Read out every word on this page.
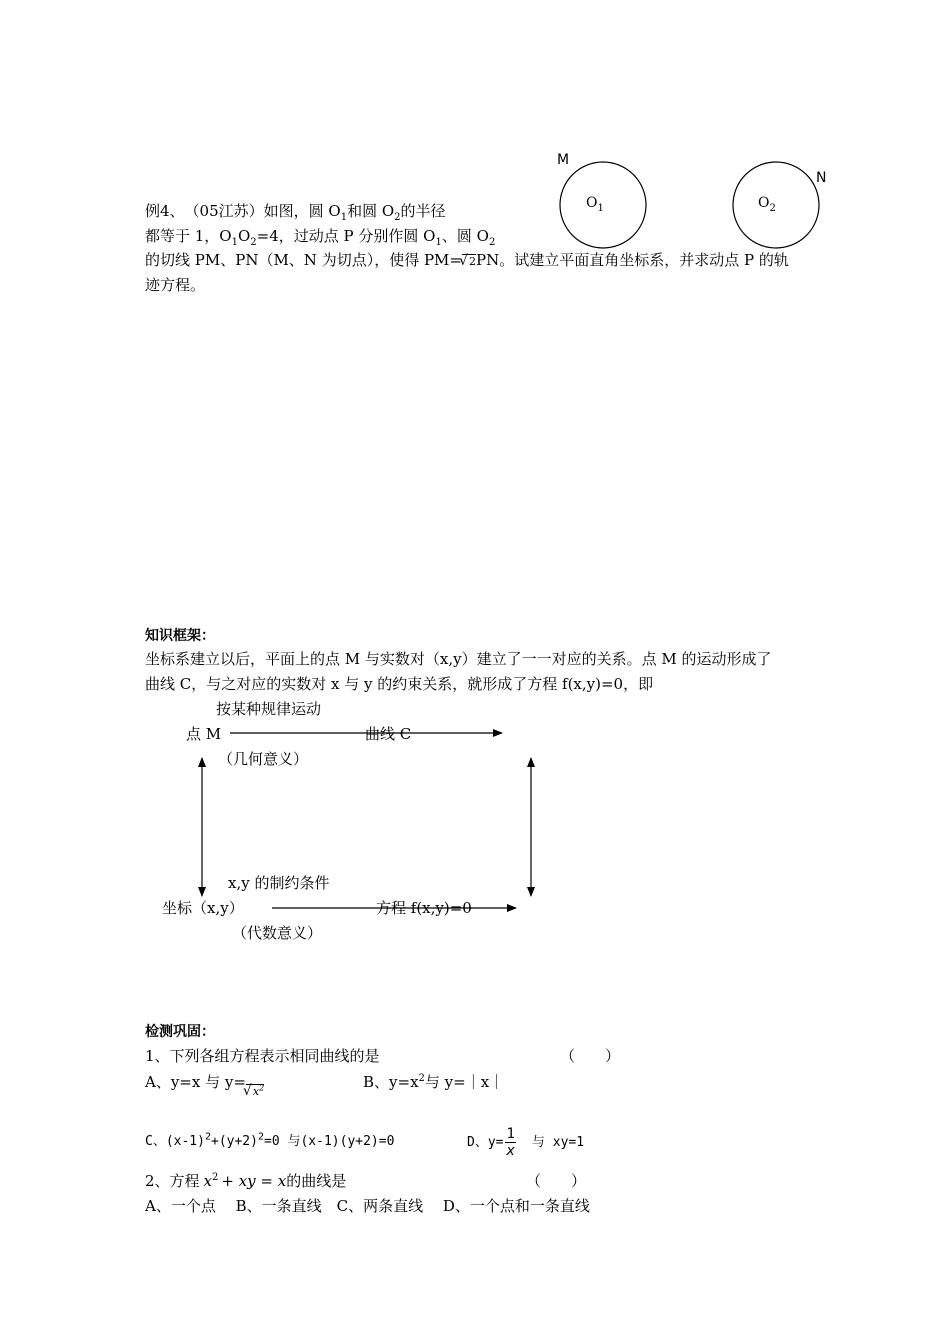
M
N
$O_1$	$O_2$
例4、　（05江苏）如图，圆 $O_1$和圆 $O_2$的半径
都等于 1，$O_1O_2=4$，过动点 P 分别作圆 $O_1$、圆 $O_2$
的切线 PM、PN（M、N 为切点），使得 PM=√ 2PN。试建立平面直角坐标系，并求动点 P 的轨
迹方程。
知识框架：
坐标系建立以后，平面上的点 M 与实数对（x,y）建立了一一对应的关系。点 M 的运动形成了
曲线 C，与之对应的实数对 x 与 y 的约束关系，就形成了方程 f(x,y)=0，即
按某种规律运动
点 M	曲线 C
（几何意义）
x,y 的制约条件
坐标（x,y）	方程 f(x,y)=0
（代数意义）
检测巩固：
1、下列各组方程表示相同曲线的是	（　　）
A、y=x 与 y=√ $x^2$	B、$y=x^2$与 y=｜x｜
C、$(x-1)^2+(y+2)^2=0$ 与(x-1)(y+2)=0	D、$y= \frac{1}{x}$ 与 xy=1
2、方程 $x^2$ + xy = x的曲线是	（　　）
A、一个点　 B、一条直线　C、两条直线　 D、一个点和一条直线
